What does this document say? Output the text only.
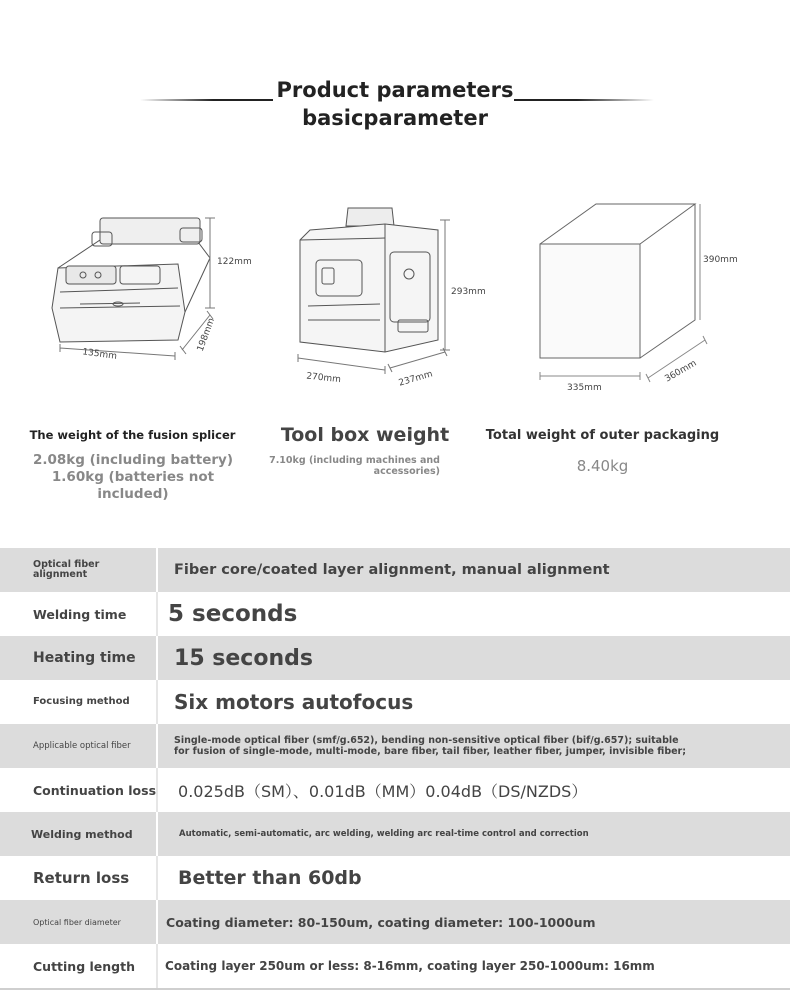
Product parameters
basicparameter
122mm
198mm
135mm
293mm
270mm	237mm
390mm
360mm
335mm
The weight of the fusion splicer
2.08kg (including battery) 1.60kg (batteries not included)
Tool box weight
7.10kg (including machines and accessories)
Total weight of outer packaging
8.40kg
Optical fiber alignment	Fiber core/coated layer alignment, manual alignment
Welding time	5 seconds
Heating time	15 seconds
Focusing method	Six motors autofocus
Applicable optical fiber	Single-mode optical fiber (smf/g.652), bending non-sensitive optical fiber (bif/g.657); suitable for fusion of single-mode, multi-mode, bare fiber, tail fiber, leather fiber, jumper, invisible fiber;
Continuation loss	0.025dB（SM）、0.01dB（MM）0.04dB（DS/NZDS）
Welding method	Automatic, semi-automatic, arc welding, welding arc real-time control and correction
Return loss	Better than 60db
Optical fiber diameter	Coating diameter: 80-150um, coating diameter: 100-1000um
Cutting length	Coating layer 250um or less: 8-16mm, coating layer 250-1000um: 16mm
